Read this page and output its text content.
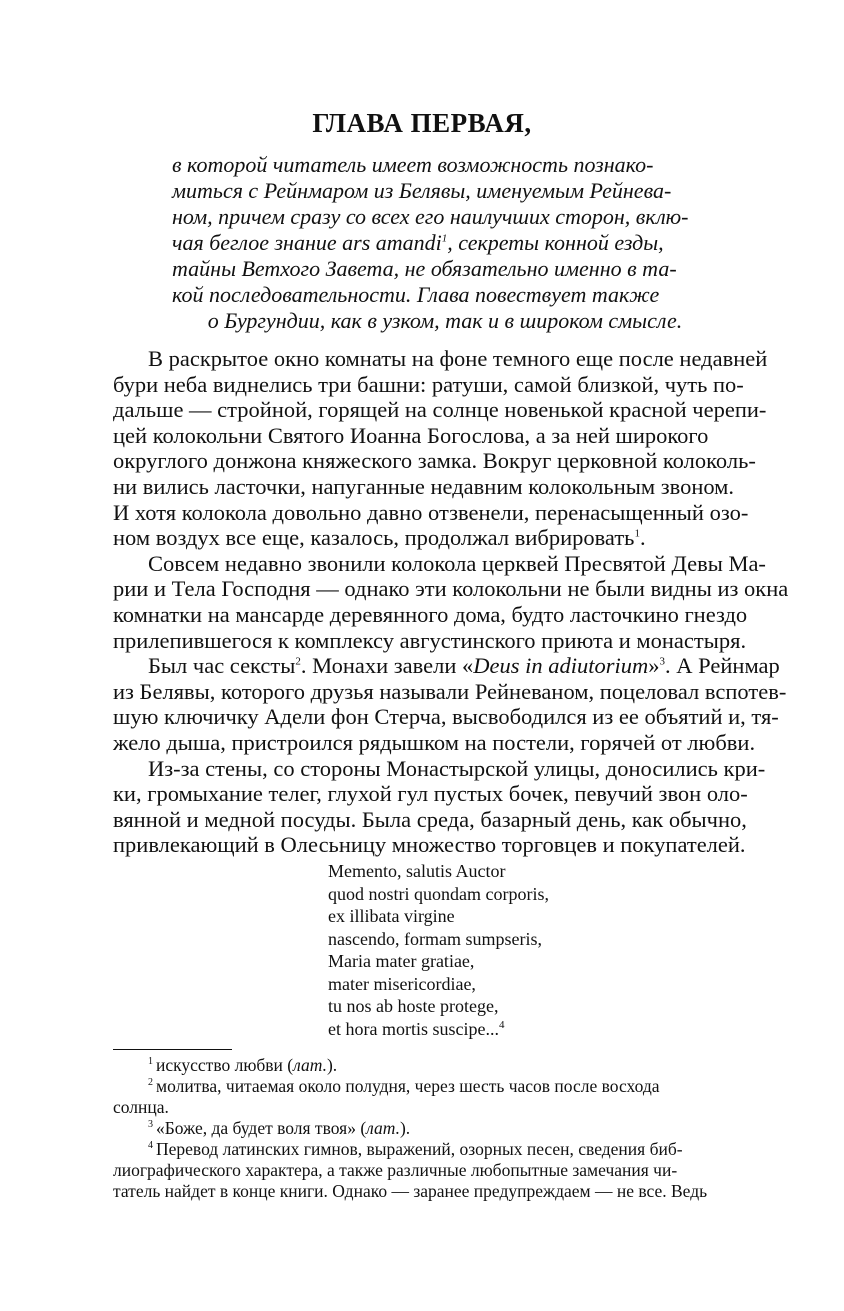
ГЛАВА ПЕРВАЯ,
в которой читатель имеет возможность познако-
миться с Рейнмаром из Белявы, именуемым Рейнева-
ном, причем сразу со всех его наилучших сторон, вклю-
чая беглое знание ars amandi$^1$, секреты конной езды,
тайны Ветхого Завета, не обязательно именно в та-
кой последовательности. Глава повествует также
о Бургундии, как в узком, так и в широком смысле.
В раскрытое окно комнаты на фоне темного еще после недавней
бури неба виднелись три башни: ратуши, самой близкой, чуть по-
дальше — стройной, горящей на солнце новенькой красной черепи-
цей колокольни Святого Иоанна Богослова, а за ней широкого
округлого донжона княжеского замка. Вокруг церковной колоколь-
ни вились ласточки, напуганные недавним колокольным звоном.
И хотя колокола довольно давно отзвенели, перенасыщенный озо-
ном воздух все еще, казалось, продолжал вибрировать$^1$.
Совсем недавно звонили колокола церквей Пресвятой Девы Ма-
рии и Тела Господня — однако эти колокольни не были видны из окна
комнатки на мансарде деревянного дома, будто ласточкино гнездо
прилепившегося к комплексу августинского приюта и монастыря.
Был час сексты$^2$. Монахи завели «Deus in adiutorium»$^3$. А Рейнмар
из Белявы, которого друзья называли Рейневаном, поцеловал вспотев-
шую ключичку Адели фон Стерча, высвободился из ее объятий и, тя-
жело дыша, пристроился рядышком на постели, горячей от любви.
Из-за стены, со стороны Монастырской улицы, доносились кри-
ки, громыхание телег, глухой гул пустых бочек, певучий звон оло-
вянной и медной посуды. Была среда, базарный день, как обычно,
привлекающий в Олесьницу множество торговцев и покупателей.
Memento, salutis Auctor
quod nostri quondam corporis,
ex illibata virgine
nascendo, formam sumpseris,
Maria mater gratiae,
mater misericordiae,
tu nos ab hoste protege,
et hora mortis suscipe...$^4$
$^1$ искусство любви (лат.).
$^2$ молитва, читаемая около полудня, через шесть часов после восхода
солнца.
$^3$ «Боже, да будет воля твоя» (лат.).
$^4$ Перевод латинских гимнов, выражений, озорных песен, сведения биб-
лиографического характера, а также различные любопытные замечания чи-
татель найдет в конце книги. Однако — заранее предупреждаем — не все. Ведь
